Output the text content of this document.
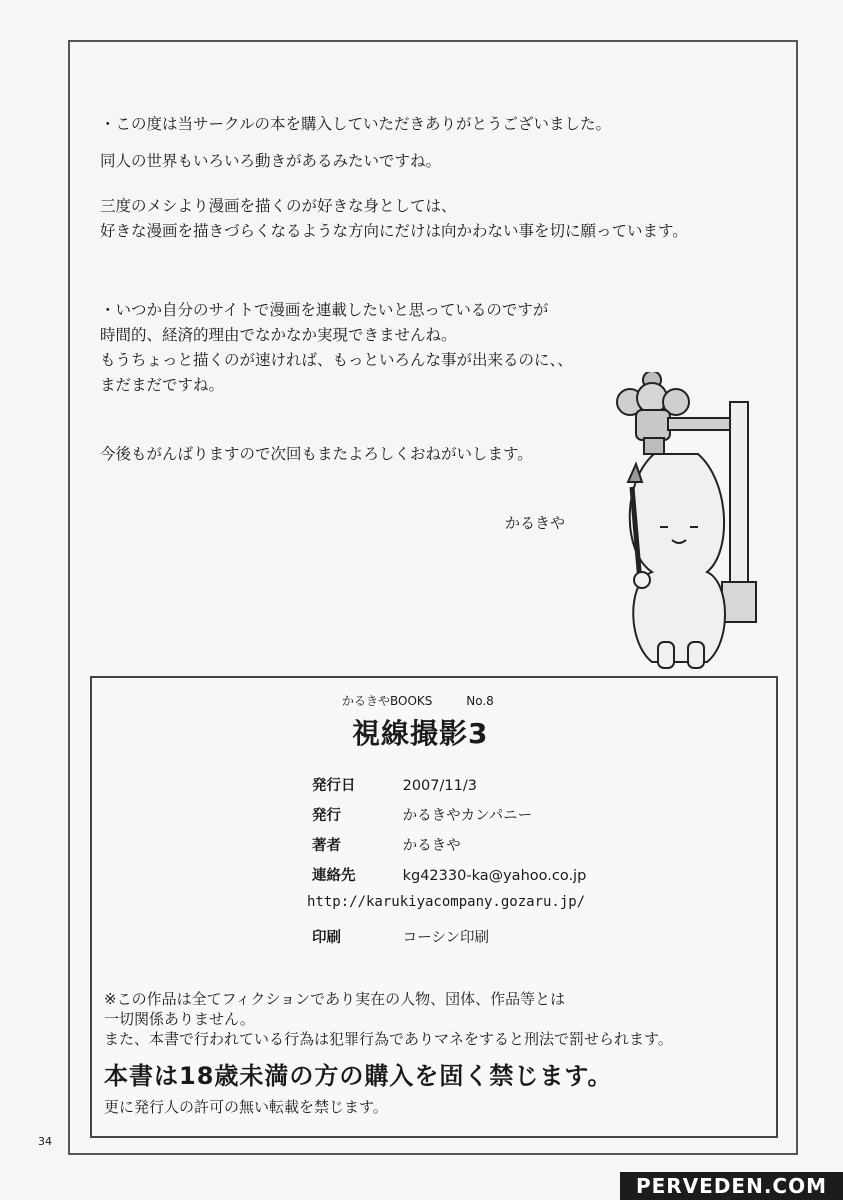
・この度は当サークルの本を購入していただきありがとうございました。
同人の世界もいろいろ動きがあるみたいですね。
三度のメシより漫画を描くのが好きな身としては、
好きな漫画を描きづらくなるような方向にだけは向かわない事を切に願っています。
・いつか自分のサイトで漫画を連載したいと思っているのですが
時間的、経済的理由でなかなか実現できませんね。
もうちょっと描くのが速ければ、もっといろんな事が出来るのに、、
まだまだですね。
今後もがんばりますので次回もまたよろしくおねがいします。
かるきや
かるきやBOOKS	No.8
視線撮影3
発行日	2007/11/3
発行	かるきやカンパニー
著者	かるきや
連絡先	kg42330-ka@yahoo.co.jp
http://karukiyacompany.gozaru.jp/
印刷	コーシン印刷
※この作品は全てフィクションであり実在の人物、団体、作品等とは
一切関係ありません。
また、本書で行われている行為は犯罪行為でありマネをすると刑法で罰せられます。
本書は18歳未満の方の購入を固く禁じます。
更に発行人の許可の無い転載を禁じます。
34
PERVEDEN.COM
